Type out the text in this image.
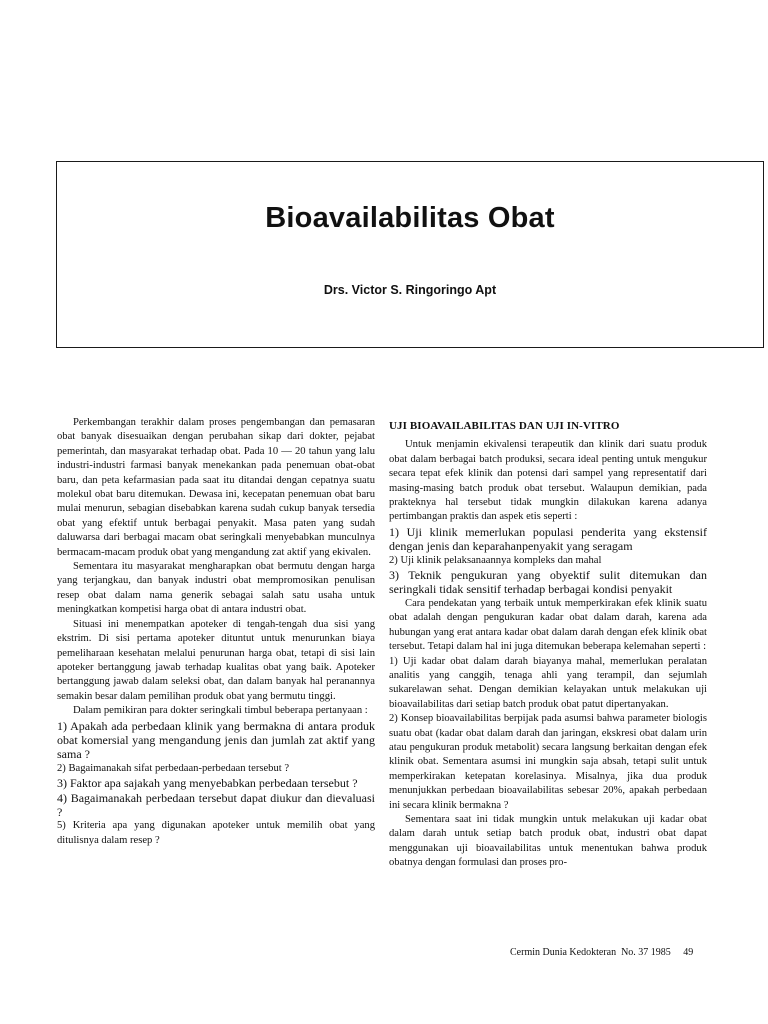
Bioavailabilitas Obat
Drs. Victor S. Ringoringo Apt

Perkembangan terakhir dalam proses pengembangan dan pemasaran obat banyak disesuaikan dengan perubahan sikap dari dokter, pejabat pemerintah, dan masyarakat terhadap obat. Pada 10 — 20 tahun yang lalu industri-industri farmasi banyak menekankan pada penemuan obat-obat baru, dan peta kefarmasian pada saat itu ditandai dengan cepatnya suatu molekul obat baru ditemukan. Dewasa ini, kecepatan penemuan obat baru mulai menurun, sebagian disebabkan karena sudah cukup banyak tersedia obat yang efektif untuk berbagai penyakit. Masa paten yang sudah daluwarsa dari berbagai macam obat seringkali menyebabkan munculnya bermacam-macam produk obat yang mengandung zat aktif yang ekivalen.

Sementara itu masyarakat mengharapkan obat bermutu dengan harga yang terjangkau, dan banyak industri obat mempromosikan penulisan resep obat dalam nama generik sebagai salah satu usaha untuk meningkatkan kompetisi harga obat di antara industri obat.

Situasi ini menempatkan apoteker di tengah-tengah dua sisi yang ekstrim. Di sisi pertama apoteker dituntut untuk menurunkan biaya pemeliharaan kesehatan melalui penurunan harga obat, tetapi di sisi lain apoteker bertanggung jawab terhadap kualitas obat yang baik. Apoteker bertanggung jawab dalam seleksi obat, dan dalam banyak hal peranannya semakin besar dalam pemilihan produk obat yang bermutu tinggi.

Dalam pemikiran para dokter seringkali timbul beberapa pertanyaan :

1) Apakah ada perbedaan klinik yang bermakna di antara produk obat komersial yang mengandung jenis dan jumlah zat aktif yang sama ?

2) Bagaimanakah sifat perbedaan-perbedaan tersebut ?

3) Faktor apa sajakah yang menyebabkan perbedaan tersebut ?

4) Bagaimanakah perbedaan tersebut dapat diukur dan dievaluasi ?

5) Kriteria apa yang digunakan apoteker untuk memilih obat yang ditulisnya dalam resep ?

UJI BIOAVAILABILITAS DAN UJI IN-VITRO

Untuk menjamin ekivalensi terapeutik dan klinik dari suatu produk obat dalam berbagai batch produksi, secara ideal penting untuk mengukur secara tepat efek klinik dan potensi dari sampel yang representatif dari masing-masing batch produk obat tersebut. Walaupun demikian, pada prakteknya hal tersebut tidak mungkin dilakukan karena adanya pertimbangan praktis dan aspek etis seperti :

1) Uji klinik memerlukan populasi penderita yang ekstensif dengan jenis dan keparahanpenyakit yang seragam

2) Uji klinik pelaksanaannya kompleks dan mahal

3) Teknik pengukuran yang obyektif sulit ditemukan dan seringkali tidak sensitif terhadap berbagai kondisi penyakit

Cara pendekatan yang terbaik untuk memperkirakan efek klinik suatu obat adalah dengan pengukuran kadar obat dalam darah, karena ada hubungan yang erat antara kadar obat dalam darah dengan efek klinik obat tersebut. Tetapi dalam hal ini juga ditemukan beberapa kelemahan seperti :

1) Uji kadar obat dalam darah biayanya mahal, memerlukan peralatan analitis yang canggih, tenaga ahli yang terampil, dan sejumlah sukarelawan sehat. Dengan demikian kelayakan untuk melakukan uji bioavailabilitas dari setiap batch produk obat patut dipertanyakan.

2) Konsep bioavailabilitas berpijak pada asumsi bahwa parameter biologis suatu obat (kadar obat dalam darah dan jaringan, ekskresi obat dalam urin atau pengukuran produk metabolit) secara langsung berkaitan dengan efek klinik obat. Sementara asumsi ini mungkin saja absah, tetapi sulit untuk memperkirakan ketepatan korelasinya. Misalnya, jika dua produk menunjukkan perbedaan bioavailabilitas sebesar 20%, apakah perbedaan ini secara klinik bermakna ?

Sementara saat ini tidak mungkin untuk melakukan uji kadar obat dalam darah untuk setiap batch produk obat, industri obat dapat menggunakan uji bioavailabilitas untuk menentukan bahwa produk obatnya dengan formulasi dan proses pro-

Cermin Dunia Kedokteran  No. 37 1985     49
